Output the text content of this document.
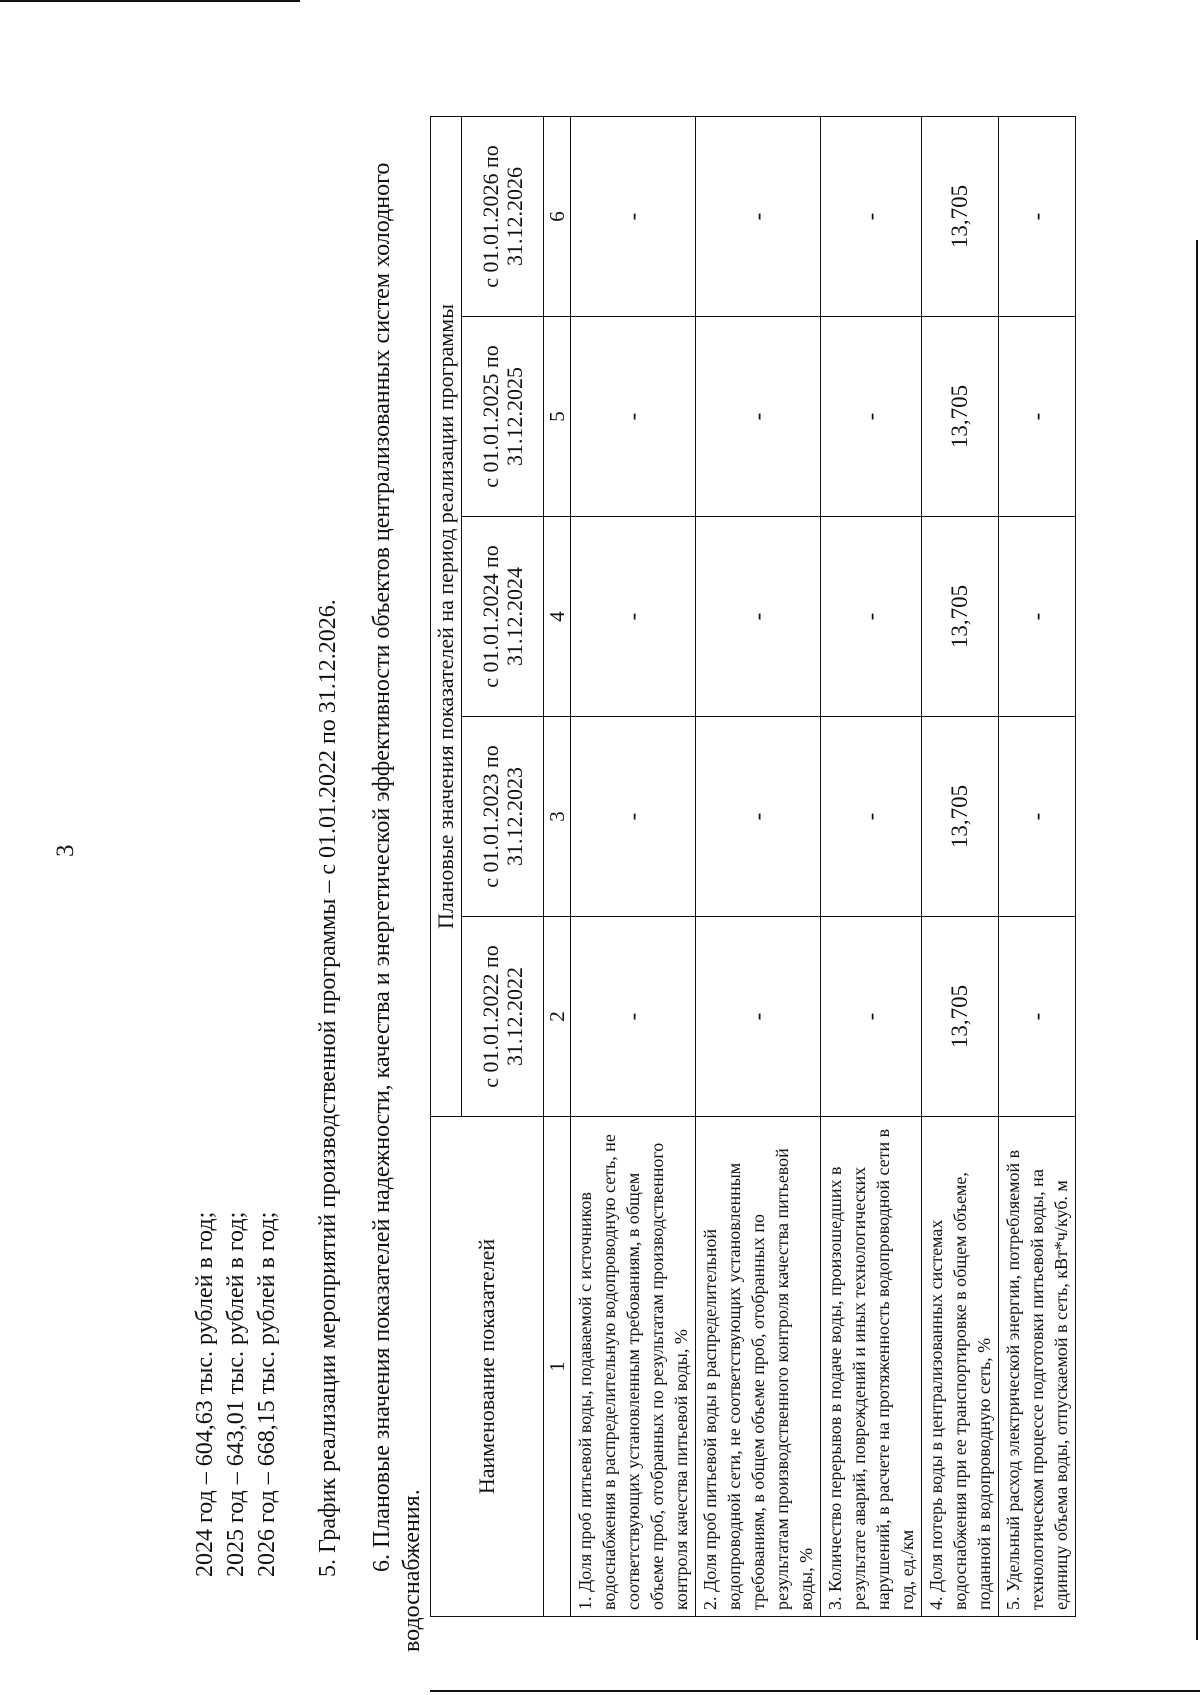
3
2024 год – 604,63 тыс. рублей в год; 2025 год – 643,01 тыс. рублей в год; 2026 год – 668,15 тыс. рублей в год; 5. График реализации мероприятий производственной программы – с 01.01.2022 по 31.12.2026. 6. Плановые значения показателей надежности, качества и энергетической эффективности объектов централизованных систем холодного водоснабжения.
Наименование показателей	Плановые значения показателей на период реализации программы				
	с 01.01.2022 по 31.12.2022	с 01.01.2023 по 31.12.2023	с 01.01.2024 по 31.12.2024	с 01.01.2025 по 31.12.2025	с 01.01.2026 по 31.12.2026
1	2	3	4	5	6
1. Доля проб питьевой воды, подаваемой с источников водоснабжения в распределительную водопроводную сеть, не соответствующих установленным требованиям, в общем объеме проб, отобранных по результатам производственного контроля качества питьевой воды, %	-	-	-	-	-
2. Доля проб питьевой воды в распределительной водопроводной сети, не соответствующих установленным требованиям, в общем объеме проб, отобранных по результатам производственного контроля качества питьевой воды, %	-	-	-	-	-
3. Количество перерывов в подаче воды, произошедших в результате аварий, повреждений и иных технологических нарушений, в расчете на протяженность водопроводной сети в год, ед./км	-	-	-	-	-
4. Доля потерь воды в централизованных системах водоснабжения при ее транспортировке в общем объеме, поданной в водопроводную сеть, %	13,705	13,705	13,705	13,705	13,705
5. Удельный расход электрической энергии, потребляемой в технологическом процессе подготовки питьевой воды, на единицу объема воды, отпускаемой в сеть, кВт*ч/куб. м	-	-	-	-	-
